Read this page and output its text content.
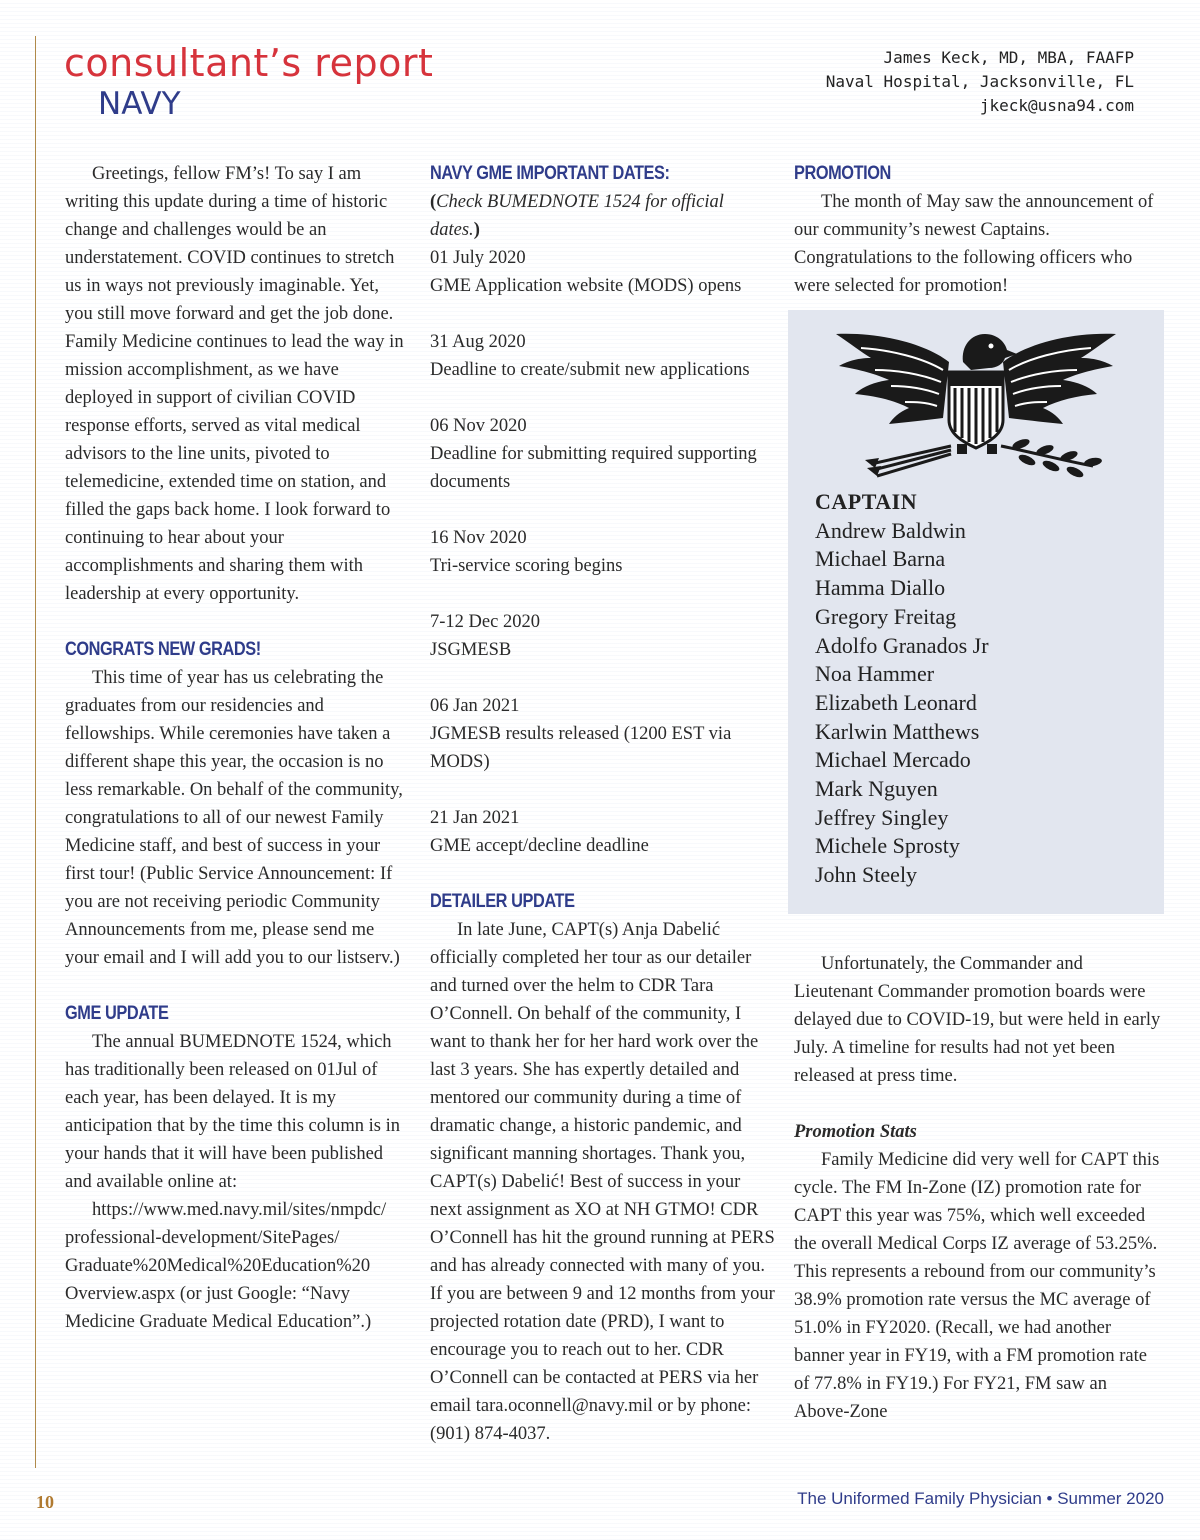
consultant’s report
NAVY
James Keck, MD, MBA, FAAFP
Naval Hospital, Jacksonville, FL
jkeck@usna94.com

Greetings, fellow FM’s! To say I am writing this update during a time of historic change and challenges would be an understatement. COVID continues to stretch us in ways not previously imaginable. Yet, you still move forward and get the job done. Family Medicine continues to lead the way in mission accomplishment, as we have deployed in support of civilian COVID response efforts, served as vital medical advisors to the line units, pivoted to telemedicine, extended time on station, and filled the gaps back home. I look forward to continuing to hear about your accomplishments and sharing them with leadership at every opportunity.

CONGRATS NEW GRADS!

This time of year has us celebrating the graduates from our residencies and fellowships. While ceremonies have taken a different shape this year, the occasion is no less remarkable. On behalf of the community, congratulations to all of our newest Family Medicine staff, and best of success in your first tour! (Public Service Announcement: If you are not receiving periodic Community Announcements from me, please send me your email and I will add you to our listserv.)

GME UPDATE

The annual BUMEDNOTE 1524, which has traditionally been released on 01Jul of each year, has been delayed. It is my anticipation that by the time this column is in your hands that it will have been published and available online at:
https://www.med.navy.mil/sites/nmpdc/
professional-development/SitePages/
Graduate%20Medical%20Education%20
Overview.aspx (or just Google: “Navy Medicine Graduate Medical Education”.)

NAVY GME IMPORTANT DATES:

(Check BUMEDNOTE 1524 for official dates.)

01 July 2020
GME Application website (MODS) opens
31 Aug 2020
Deadline to create/submit new applications
06 Nov 2020
Deadline for submitting required supporting documents
16 Nov 2020
Tri-service scoring begins
7-12 Dec 2020
JSGMESB
06 Jan 2021
JGMESB results released (1200 EST via MODS)
21 Jan 2021
GME accept/decline deadline
DETAILER UPDATE

In late June, CAPT(s) Anja Dabelić officially completed her tour as our detailer and turned over the helm to CDR Tara O’Connell. On behalf of the community, I want to thank her for her hard work over the last 3 years. She has expertly detailed and mentored our community during a time of dramatic change, a historic pandemic, and significant manning shortages. Thank you, CAPT(s) Dabelić! Best of success in your next assignment as XO at NH GTMO! CDR O’Connell has hit the ground running at PERS and has already connected with many of you. If you are between 9 and 12 months from your projected rotation date (PRD), I want to encourage you to reach out to her. CDR O’Connell can be contacted at PERS via her email tara.oconnell@navy.mil or by phone: (901) 874-4037.

PROMOTION

The month of May saw the announcement of our community’s newest Captains. Congratulations to the following officers who were selected for promotion!

CAPTAIN
Andrew Baldwin
Michael Barna
Hamma Diallo
Gregory Freitag
Adolfo Granados Jr
Noa Hammer
Elizabeth Leonard
Karlwin Matthews
Michael Mercado
Mark Nguyen
Jeffrey Singley
Michele Sprosty
John Steely

Unfortunately, the Commander and Lieutenant Commander promotion boards were delayed due to COVID-19, but were held in early July. A timeline for results had not yet been released at press time.

Promotion Stats

Family Medicine did very well for CAPT this cycle. The FM In-Zone (IZ) promotion rate for CAPT this year was 75%, which well exceeded the overall Medical Corps IZ average of 53.25%. This represents a rebound from our community’s 38.9% promotion rate versus the MC average of 51.0% in FY2020. (Recall, we had another banner year in FY19, with a FM promotion rate of 77.8% in FY19.) For FY21, FM saw an Above-Zone

10	The Uniformed Family Physician • Summer 2020
